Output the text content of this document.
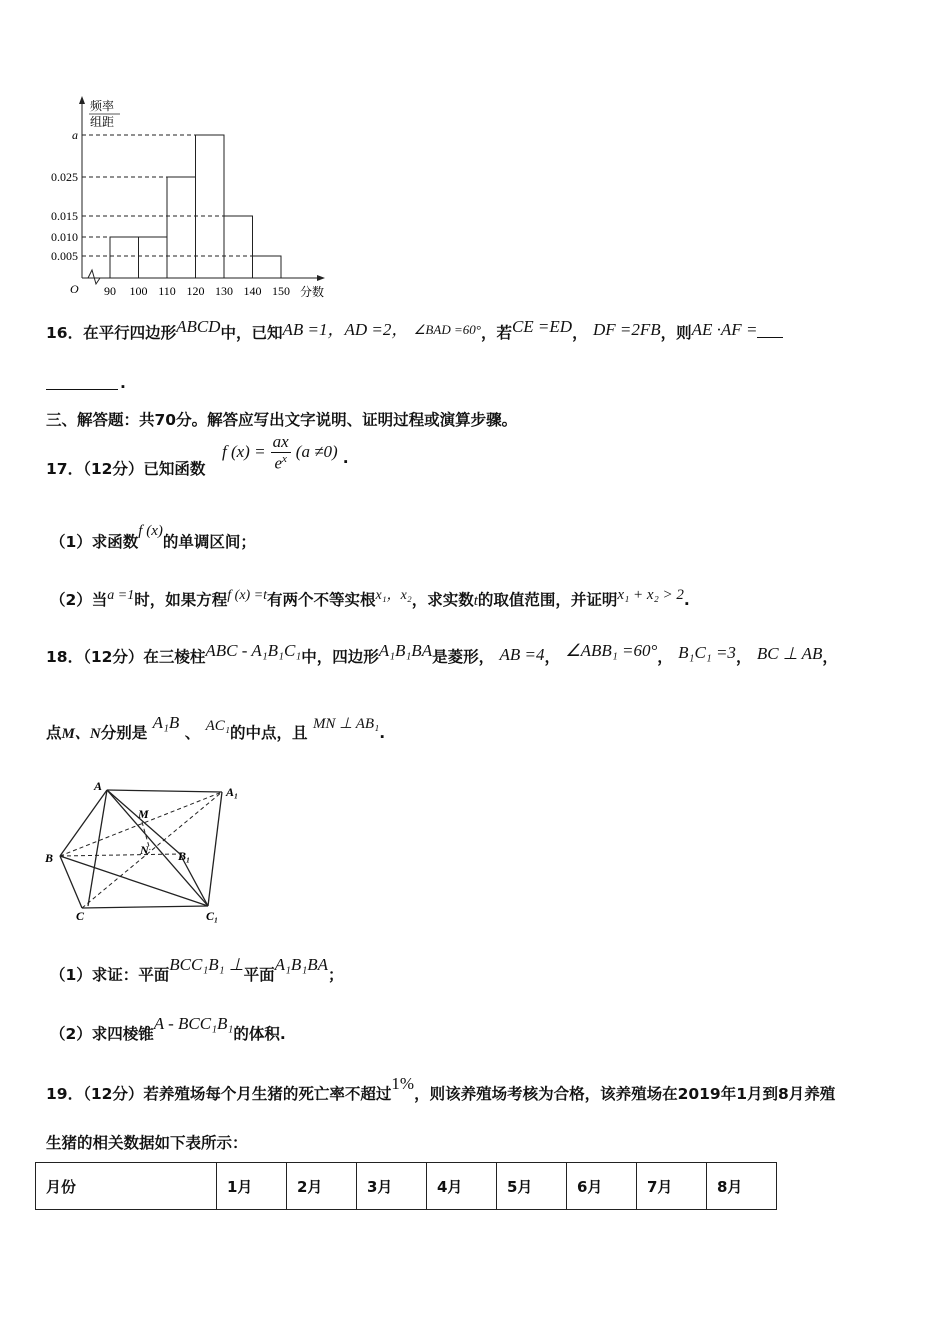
a
0.025
0.015
0.010
0.005
90 100 110 120 130 140 150
频率
组距
O	分数
16．在平行四边形ABCD中，已知AB =1，AD =2， $^{\angle BAD =60^\circ}$，若CE =ED， DF =2FB，则AE ·AF =
.
三、解答题：共70分。解答应写出文字说明、证明过程或演算步骤。
17．（12分）已知函数
f $(x) = \frac{ax}{e^x} (a \ne 0)$ .
（1）求函数f (x)的单调区间；
（2）当a =1时，如果方程f (x) =t有两个不等实根x₁，x₂，求实数t的取值范围，并证明x₁ + x₂ > 2.
18．（12分）在三棱柱ABC - A₁B₁C₁中，四边形A₁B₁BA是菱形， AB =4， ∠ABB₁ =60°， B₁C₁ =3， BC ⊥ AB，
点M、N分别是 A₁B 、 AC₁的中点，且 MN ⊥ AB₁.
A	A₁
M
N
B	B₁
C	C₁
（1）求证：平面BCC₁B₁ ⊥平面A₁B₁BA；
（2）求四棱锥A - BCC₁B₁的体积.
19．（12分）若养殖场每个月生猪的死亡率不超过1%，则该养殖场考核为合格，该养殖场在2019年1月到8月养殖
生猪的相关数据如下表所示：
月份	1月	2月	3月	4月	5月	6月	7月	8月
